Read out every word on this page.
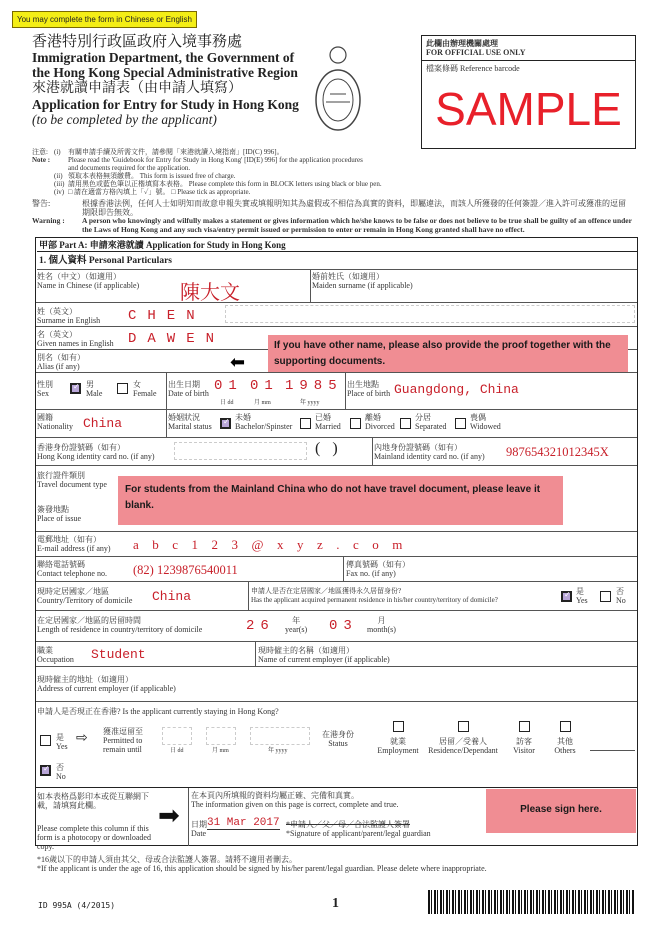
You may complete the form in Chinese or English
香港特別行政區政府入境事務處
Immigration Department, the Government of
the Hong Kong Special Administrative Region
來港就讀申請表（由申請人填寫）
Application for Entry for Study in Hong Kong
(to be completed by the applicant)
此欄由辦理機關處理
FOR OFFICIAL USE ONLY
檔案條碼 Reference barcode
SAMPLE
注意:
Note :
(i)	有關申請手續及所需文件，請參閱「來港就讀入境指南」[ID(C) 996]。
Please read the 'Guidebook for Entry for Study in Hong Kong' [ID(E) 996] for the application procedures and documents required for the application.
(ii) 領取本表格無須繳費。
This form is issued free of charge.
(iii) 請用黑色或藍色筆以正楷填寫本表格。
Please complete this form in BLOCK letters using black or blue pen.
(iv) □ 請在適當方格內填上「✓」號。
□ Please tick as appropriate.
警告:	根據香港法例，任何人士如明知而故意申報失實或填報明知其為虛假或不相信為真實的資料，即屬違法，而該人所獲發的任何簽證／進入許可或獲准的逗留期限即告無效。
Warning :	A person who knowingly and wilfully makes a statement or gives information which he/she knows to be false or does not believe to be true shall be guilty of an offence under the Laws of Hong Kong and any such visa/entry permit issued or permission to enter or remain in Hong Kong granted shall have no effect.
甲部 Part A: 申請來港就讀 Application for Study in Hong Kong
1. 個人資料 Personal Particulars
姓名（中文）（如適用）
Name in Chinese (if applicable) 陳大文
婚前姓氏（如適用）
Maiden surname (if applicable)
姓（英文）
Surname in English CHEN
名（英文）
Given names in English DAWEN
別名（如有）
Alias (if any)	⬅
If you have other name, please also provide the proof together with the supporting documents.
性別
Sex
✓
男
Male
女
Female
出生日期
Date of birth 01 01 1985
日 dd	月 mm	年 yyyy
出生地點
Place of birth Guangdong, China
國籍
Nationality China	婚姻狀況
Marital status
✓
未婚
Bachelor/Spinster
已婚
Married
離婚
Divorced
分居
Separated
喪偶
Widowed
香港身份證號碼（如有）
Hong Kong identity card no. (if any)	(   )	內地身份證號碼（如有）
Mainland identity card no. (if any) 987654321012345X
旅行證件類別
Travel document type
簽發地點
Place of issue
For students from the Mainland China who do not have travel document, please leave it blank.
電郵地址（如有）
E-mail address (if any) abc123@xyz.com
聯絡電話號碼
Contact telephone no. (82) 1239876540011	傳真號碼（如有）
Fax no. (if any)
現時定居國家／地區
Country/Territory of domicile China	申請人是否在定居國家／地區獲得永久居留身份?
Has the applicant acquired permanent residence in his/her country/territory of domicile?
✓
是
Yes
否
No
在定居國家／地區的居留時間
Length of residence in country/territory of domicile	26	年
year(s) 03	月
month(s)
職業
Occupation Student	現時僱主的名稱（如適用）
Name of current employer (if applicable)
現時僱主的地址（如適用）
Address of current employer (if applicable)
申請人是否現正在香港? Is the applicant currently staying in Hong Kong?
是
Yes
⇨ 獲准逗留至
Permitted to
remain until	日 dd	月 mm	年 yyyy
在港身份
Status	就業
Employment
居留／受養人
Residence/Dependant
訪客
Visitor
其他
Others
✓
否
No
如本表格爲影印本或從互聯網下載，請填寫此欄。
Please complete this column if this form is a photocopy or downloaded copy.
➡
在本頁內所填報的資料均屬正確、完備和真實。
The information given on this page is correct, complete and true.
日期
Date
31 Mar 2017 *申請人／父／母／合法監護人簽署
*Signature of applicant/parent/legal guardian
Please sign here.
*16歲以下的申請人須由其父、母或合法監護人簽署。請將不適用者刪去。
*If the applicant is under the age of 16, this application should be signed by his/her parent/legal guardian. Please delete where inappropriate.
ID 995A (4/2015)	1
